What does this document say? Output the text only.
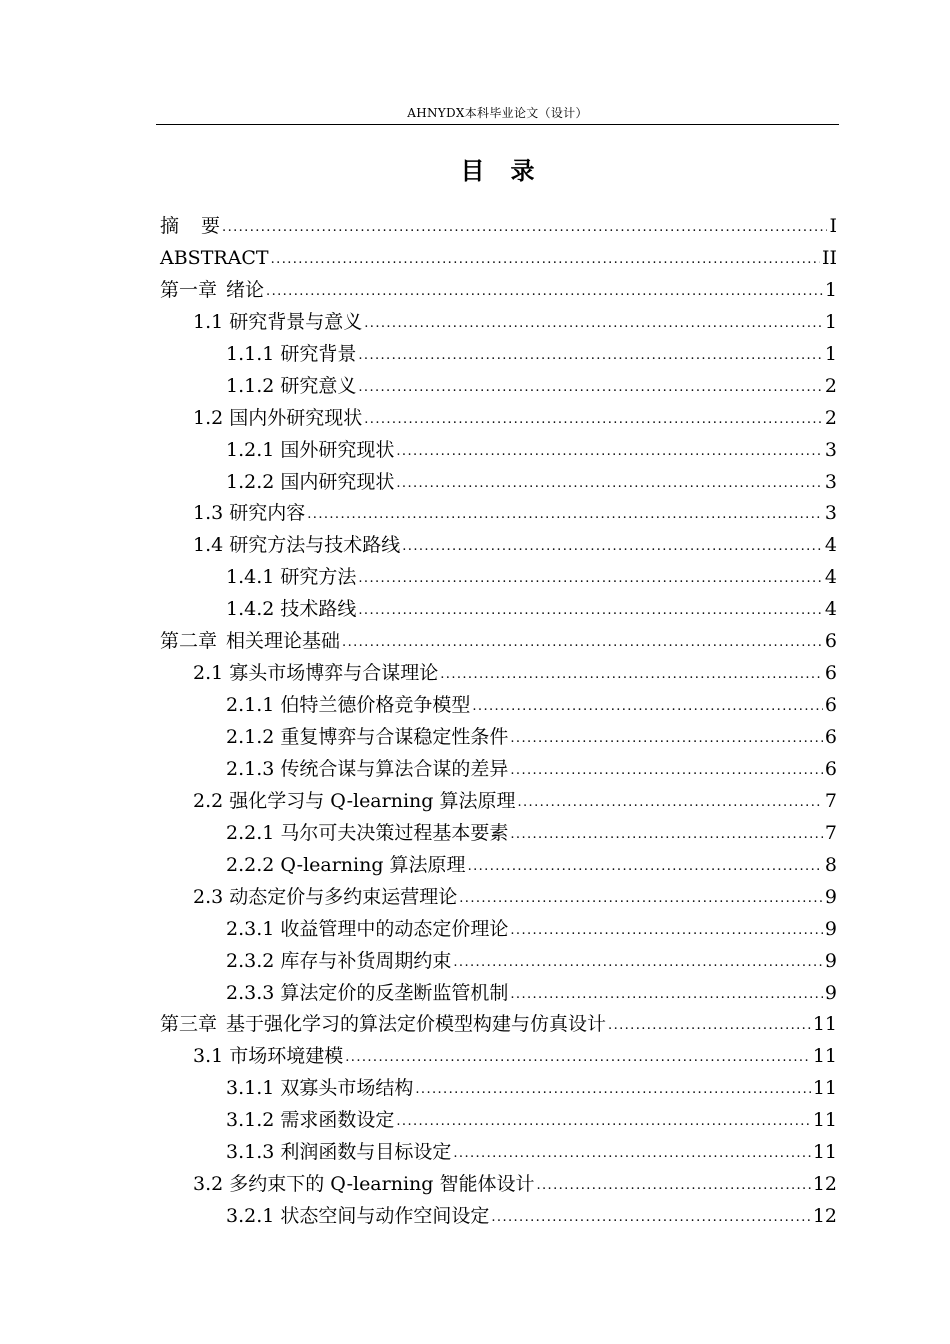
AHNYDX本科毕业论文（设计）
目 录
摘 要 .....	I
ABSTRACT .....	II
第一章 绪论 .....	1
1.1 研究背景与意义 .....	1
1.1.1 研究背景 .....	1
1.1.2 研究意义 .....	2
1.2 国内外研究现状 .....	2
1.2.1 国外研究现状 .....	3
1.2.2 国内研究现状 .....	3
1.3 研究内容 .....	3
1.4 研究方法与技术路线 .....	4
1.4.1 研究方法 .....	4
1.4.2 技术路线 .....	4
第二章 相关理论基础 .....	6
2.1 寡头市场博弈与合谋理论 .....	6
2.1.1 伯特兰德价格竞争模型 .....	6
2.1.2 重复博弈与合谋稳定性条件 .....	6
2.1.3 传统合谋与算法合谋的差异 .....	6
2.2 强化学习与 Q-learning 算法原理 .....	7
2.2.1 马尔可夫决策过程基本要素 .....	7
2.2.2 Q-learning 算法原理 .....	8
2.3 动态定价与多约束运营理论 .....	9
2.3.1 收益管理中的动态定价理论 .....	9
2.3.2 库存与补货周期约束 .....	9
2.3.3 算法定价的反垄断监管机制 .....	9
第三章 基于强化学习的算法定价模型构建与仿真设计 .....	11
3.1 市场环境建模 .....	11
3.1.1 双寡头市场结构 .....	11
3.1.2 需求函数设定 .....	11
3.1.3 利润函数与目标设定 .....	11
3.2 多约束下的 Q-learning 智能体设计 .....	12
3.2.1 状态空间与动作空间设定 .....	12
